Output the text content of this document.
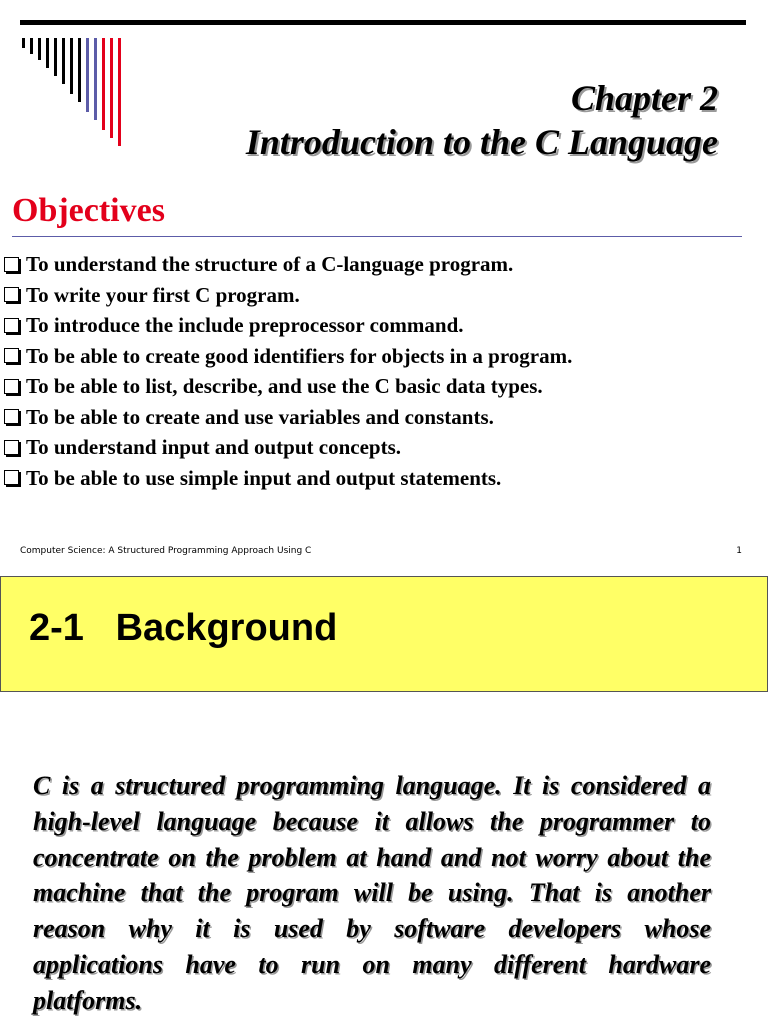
Chapter 2
Introduction to the C Language
Objectives
To understand the structure of a C-language program.
To write your first C program.
To introduce the include preprocessor command.
To be able to create good identifiers for objects in a program.
To be able to list, describe, and use the C basic data types.
To be able to create and use variables and constants.
To understand input and output concepts.
To be able to use simple input and output statements.
Computer Science: A Structured Programming Approach Using C	1
2-1   Background

C is a structured programming language. It is considered a high-level language because it allows the programmer to concentrate on the problem at hand and not worry about the machine that the program will be using. That is another reason why it is used by software developers whose applications have to run on many different hardware platforms.
